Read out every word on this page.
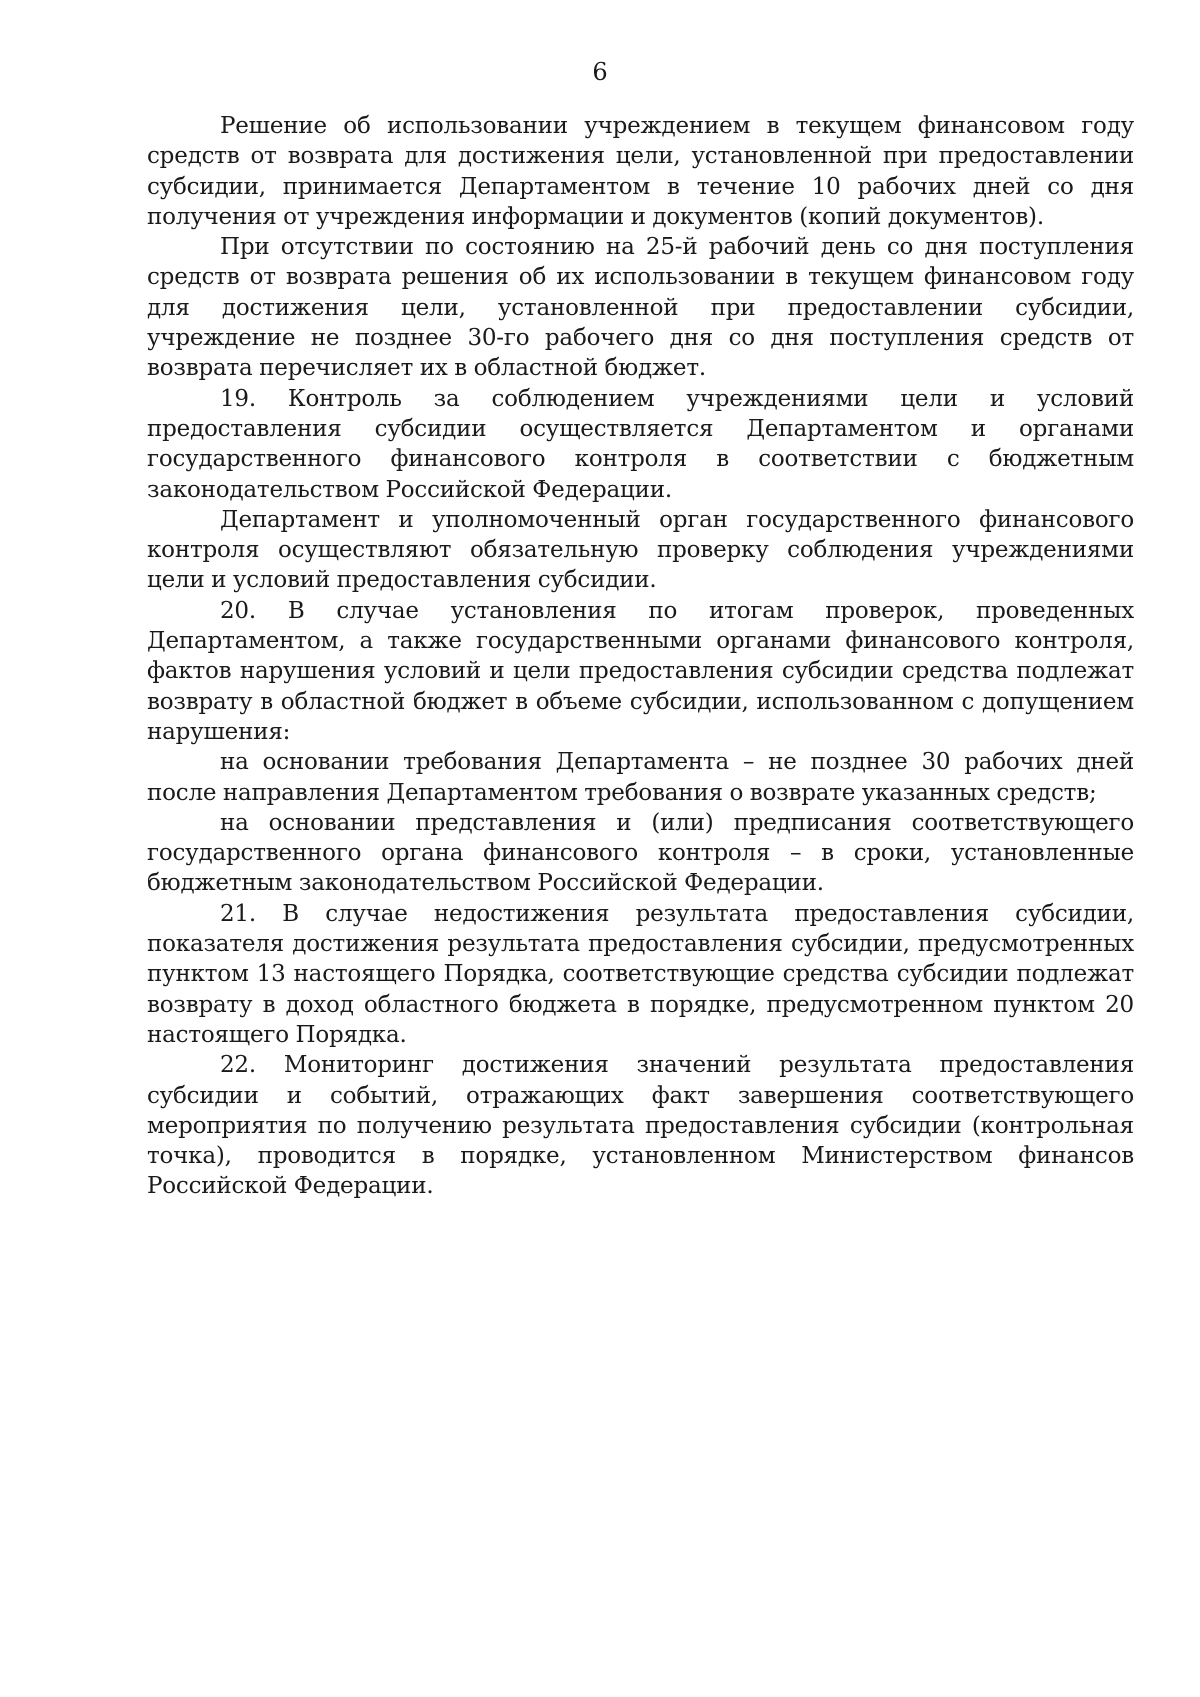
6

Решение об использовании учреждением в текущем финансовом году средств от возврата для достижения цели, установленной при предоставлении субсидии, принимается Департаментом в течение 10 рабочих дней со дня получения от учреждения информации и документов (копий документов).

При отсутствии по состоянию на 25-й рабочий день со дня поступления средств от возврата решения об их использовании в текущем финансовом году для достижения цели, установленной при предоставлении субсидии, учреждение не позднее 30-го рабочего дня со дня поступления средств от возврата перечисляет их в областной бюджет.

19. Контроль за соблюдением учреждениями цели и условий предоставления субсидии осуществляется Департаментом и органами государственного финансового контроля в соответствии с бюджетным законодательством Российской Федерации.

Департамент и уполномоченный орган государственного финансового контроля осуществляют обязательную проверку соблюдения учреждениями цели и условий предоставления субсидии.

20. В случае установления по итогам проверок, проведенных Департаментом, а также государственными органами финансового контроля, фактов нарушения условий и цели предоставления субсидии средства подлежат возврату в областной бюджет в объеме субсидии, использованном с допущением нарушения:

на основании требования Департамента – не позднее 30 рабочих дней после направления Департаментом требования о возврате указанных средств;

на основании представления и (или) предписания соответствующего государственного органа финансового контроля – в сроки, установленные бюджетным законодательством Российской Федерации.

21. В случае недостижения результата предоставления субсидии, показателя достижения результата предоставления субсидии, предусмотренных пунктом 13 настоящего Порядка, соответствующие средства субсидии подлежат возврату в доход областного бюджета в порядке, предусмотренном пунктом 20 настоящего Порядка.

22. Мониторинг достижения значений результата предоставления субсидии и событий, отражающих факт завершения соответствующего мероприятия по получению результата предоставления субсидии (контрольная точка), проводится в порядке, установленном Министерством финансов Российской Федерации.
